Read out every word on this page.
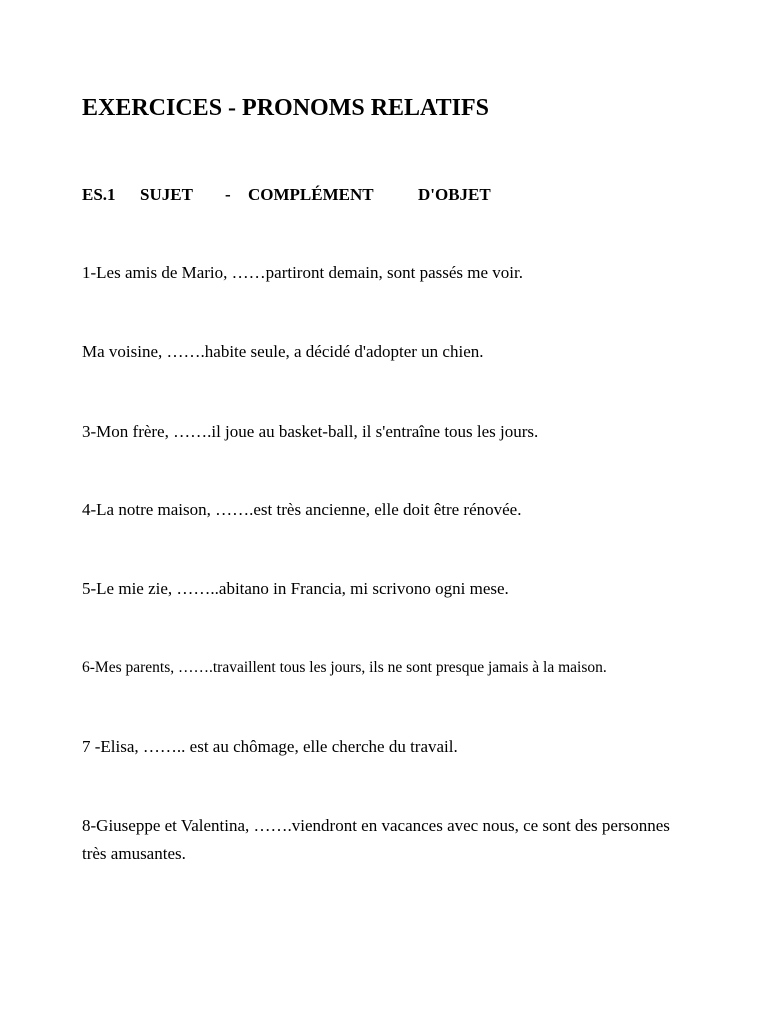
EXERCICES - PRONOMS RELATIFS
ES.1 SUJET - COMPLÉMENT	D'OBJET

1-Les amis de Mario, ……partiront demain, sont passés me voir.

Ma voisine, …….habite seule, a décidé d'adopter un chien.

3-Mon frère, …….il joue au basket-ball, il s'entraîne tous les jours.

4-La notre maison, …….est très ancienne, elle doit être rénovée.

5-Le mie zie, ……..abitano in Francia, mi scrivono ogni mese.

6-Mes parents, …….travaillent tous les jours, ils ne sont presque jamais à la maison.

7 -Elisa, …….. est au chômage, elle cherche du travail.

8-Giuseppe et Valentina, …….viendront en vacances avec nous, ce sont des personnes très amusantes.
